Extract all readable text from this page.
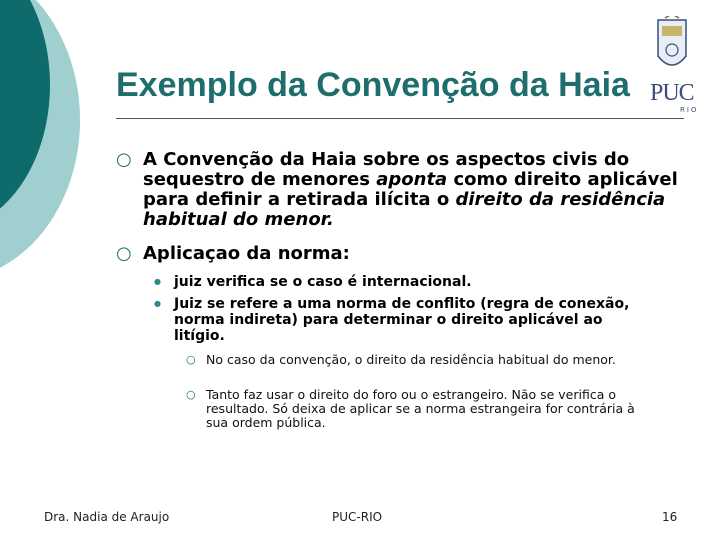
Exemplo da Convenção da Haia PUC
RIO
○ A Convenção da Haia sobre os aspectos civis do sequestro de menores aponta como direito aplicável para definir a retirada ilícita o direito da residência habitual do menor.
○ Aplicaçao da norma:
● juiz verifica se o caso é internacional.
● Juiz se refere a uma norma de conflito (regra de conexão, norma indireta) para determinar o direito aplicável ao litígio.
○ No caso da convenção, o direito da residência habitual do menor.
○ Tanto faz usar o direito do foro ou o estrangeiro. Não se verifica o resultado. Só deixa de aplicar se a norma estrangeira for contrária à sua ordem pública.
Dra. Nadia de Araujo	PUC-RIO	16
